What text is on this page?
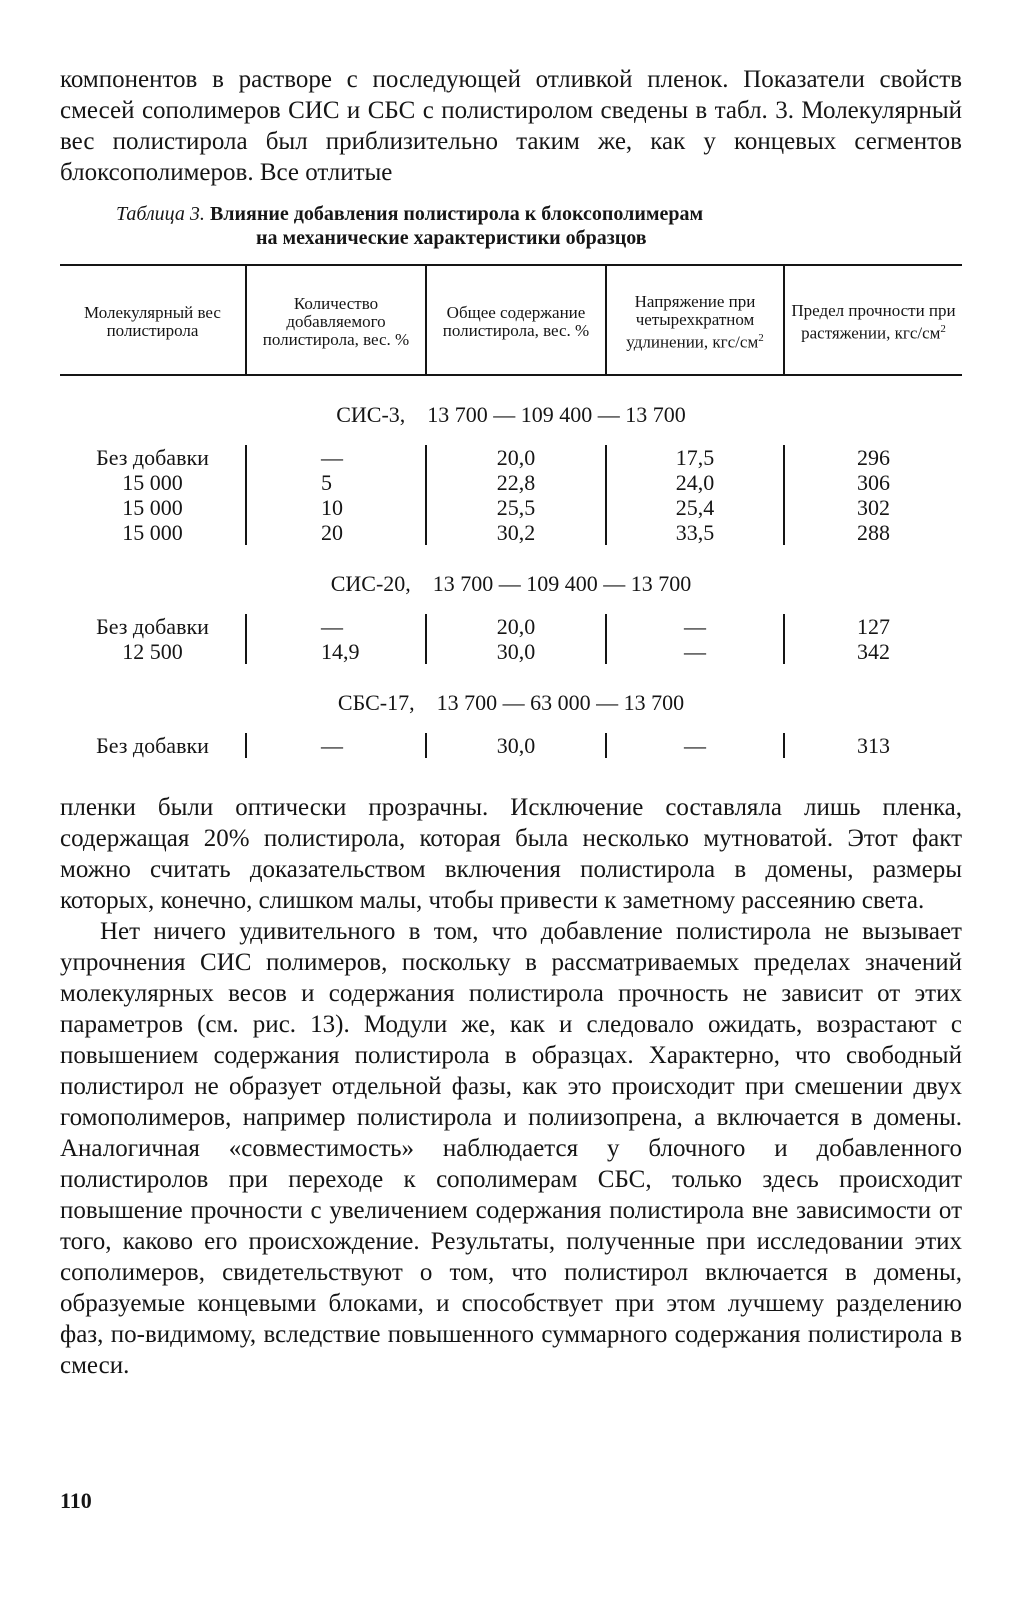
компонентов в растворе с последующей отливкой пленок. Показатели свойств смесей сополимеров СИС и СБС с полистиролом сведены в табл. 3. Молекулярный вес полистирола был приблизительно таким же, как у концевых сегментов блоксополимеров. Все отлитые

Таблица 3. Влияние добавления полистирола к блоксополимерам
на механические характеристики образцов
Молекулярный вес полистирола	Количество добавляемого полистирола, вес. %	Общее содержание полистирола, вес. %	Напряжение при четырехкратном удлинении, кгс/$см^2$	Предел прочности при растяжении, кгс/$см^2$
СИС-3, 13 700 — 109 400 — 13 700				
Без добавки	—	20,0	17,5	296
15 000	5	22,8	24,0	306
15 000	10	25,5	25,4	302
15 000	20	30,2	33,5	288
СИС-20, 13 700 — 109 400 — 13 700				
Без добавки	—	20,0	—	127
12 500	14,9	30,0	—	342
СБС-17, 13 700 — 63 000 — 13 700				
Без добавки	—	30,0	—	313

пленки были оптически прозрачны. Исключение составляла лишь пленка, содержащая 20% полистирола, которая была несколько мутноватой. Этот факт можно считать доказательством включения полистирола в домены, размеры которых, конечно, слишком малы, чтобы привести к заметному рассеянию света.

Нет ничего удивительного в том, что добавление полистирола не вызывает упрочнения СИС полимеров, поскольку в рассматриваемых пределах значений молекулярных весов и содержания полистирола прочность не зависит от этих параметров (см. рис. 13). Модули же, как и следовало ожидать, возрастают с повышением содержания полистирола в образцах. Характерно, что свободный полистирол не образует отдельной фазы, как это происходит при смешении двух гомополимеров, например полистирола и полиизопрена, а включается в домены. Аналогичная «совместимость» наблюдается у блочного и добавленного полистиролов при переходе к сополимерам СБС, только здесь происходит повышение прочности с увеличением содержания полистирола вне зависимости от того, каково его происхождение. Результаты, полученные при исследовании этих сополимеров, свидетельствуют о том, что полистирол включается в домены, образуемые концевыми блоками, и способствует при этом лучшему разделению фаз, по-видимому, вследствие повышенного суммарного содержания полистирола в смеси.

110
